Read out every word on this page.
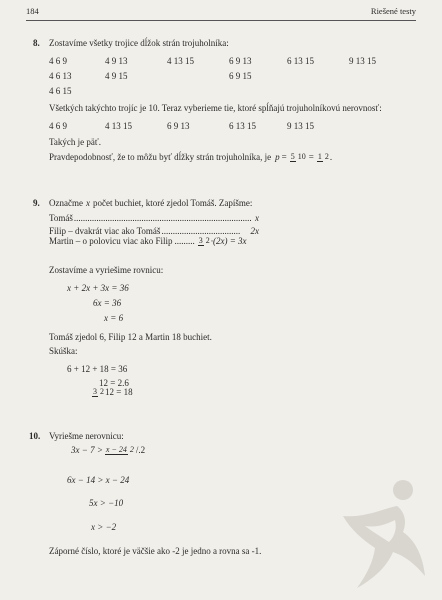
184	Riešené testy
8. Zostavíme všetky trojice dĺžok strán trojuholníka:
4 6 9	4 9 13	4 13 15	6 9 13	6 13 15	9 13 15
4 6 13	4 9 15	6 9 15
4 6 15
Všetkých takýchto trojíc je 10. Teraz vyberieme tie, ktoré spĺňajú trojuholníkovú nerovnosť:
4 6 9	4 13 15	6 9 13	6 13 15	9 13 15
Takých je päť.
Pravdepodobnosť, že to môžu byť dĺžky strán trojuholníka, je p = 5 10 = 1 2 .
9. Označme x počet buchiet, ktoré zjedol Tomáš. Zapíšme:
Tomáš ............................................................................... x
Filip – dvakrát viac ako Tomáš ...................................	2x
Martin – o polovicu viac ako Filip ......... 3 2 ·(2x) = 3x
Zostavíme a vyriešime rovnicu:
x + 2x + 3x = 36
6x = 36
x = 6
Tomáš zjedol 6, Filip 12 a Martin 18 buchiet.
Skúška:
6 + 12 + 18 = 36
12 = 2.6
3 2 12 = 18
10. Vyriešme nerovnicu:
3x − 7 > x − 24 2 /.2
6x − 14 > x − 24
5x > −10
x > −2
Záporné číslo, ktoré je väčšie ako -2 je jedno a rovna sa -1.
